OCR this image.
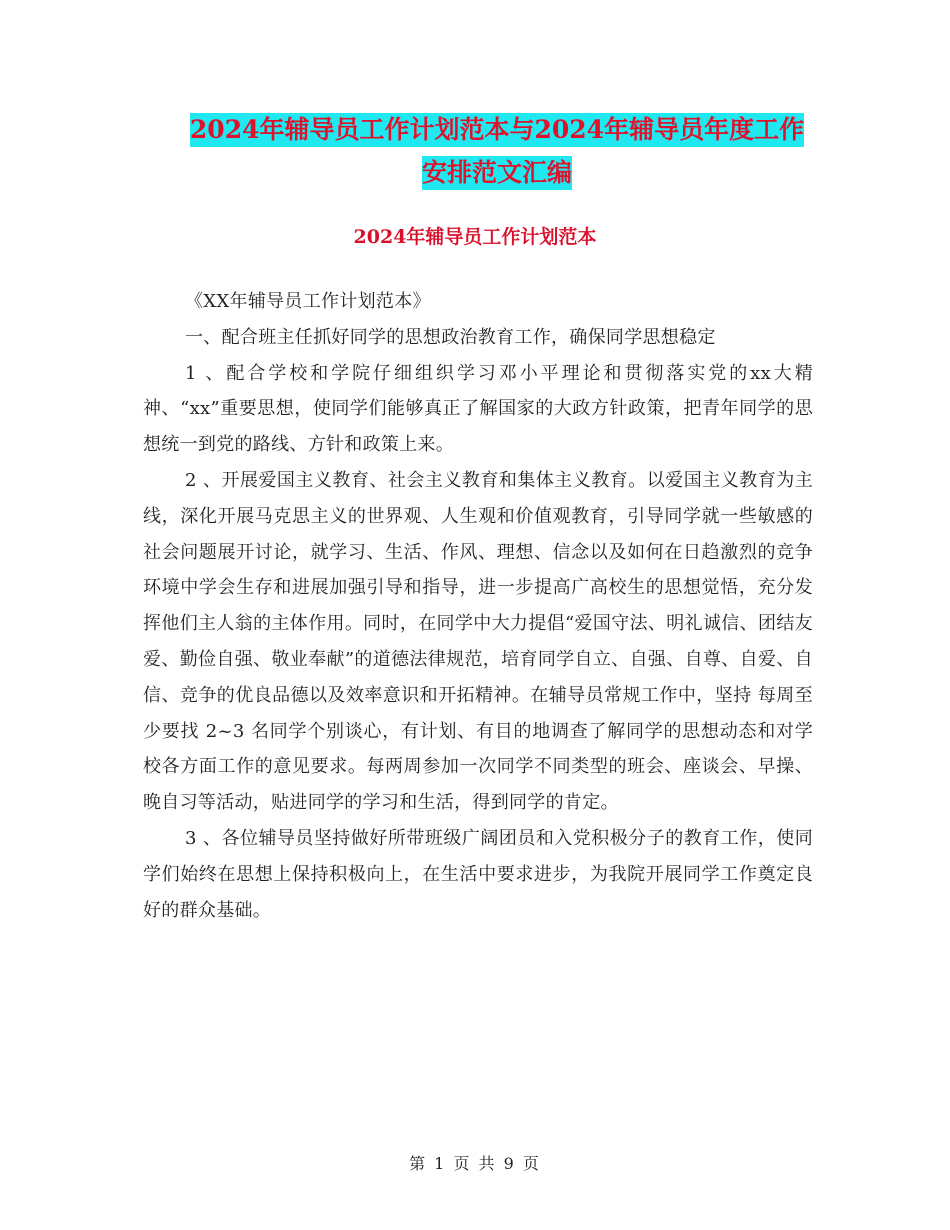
2024年辅导员工作计划范本与2024年辅导员年度工作
安排范文汇编
2024年辅导员工作计划范本

《XX年辅导员工作计划范本》

一、配合班主任抓好同学的思想政治教育工作，确保同学思想稳定

1 、配合学校和学院仔细组织学习邓小平理论和贯彻落实党的xx大精神、“xx”重要思想，使同学们能够真正了解国家的大政方针政策，把青年同学的思想统一到党的路线、方针和政策上来。

2 、开展爱国主义教育、社会主义教育和集体主义教育。以爱国主义教育为主线，深化开展马克思主义的世界观、人生观和价值观教育，引导同学就一些敏感的社会问题展开讨论，就学习、生活、作风、理想、信念以及如何在日趋激烈的竞争环境中学会生存和进展加强引导和指导，进一步提高广高校生的思想觉悟，充分发挥他们主人翁的主体作用。同时，在同学中大力提倡“爱国守法、明礼诚信、团结友爱、勤俭自强、敬业奉献”的道德法律规范，培育同学自立、自强、自尊、自爱、自信、竞争的优良品德以及效率意识和开拓精神。在辅导员常规工作中，坚持 每周至少要找 2~3 名同学个别谈心，有计划、有目的地调查了解同学的思想动态和对学校各方面工作的意见要求。每两周参加一次同学不同类型的班会、座谈会、早操、晚自习等活动，贴进同学的学习和生活，得到同学的肯定。

3 、各位辅导员坚持做好所带班级广阔团员和入党积极分子的教育工作，使同学们始终在思想上保持积极向上，在生活中要求进步，为我院开展同学工作奠定良好的群众基础。

第 1 页 共 9 页
